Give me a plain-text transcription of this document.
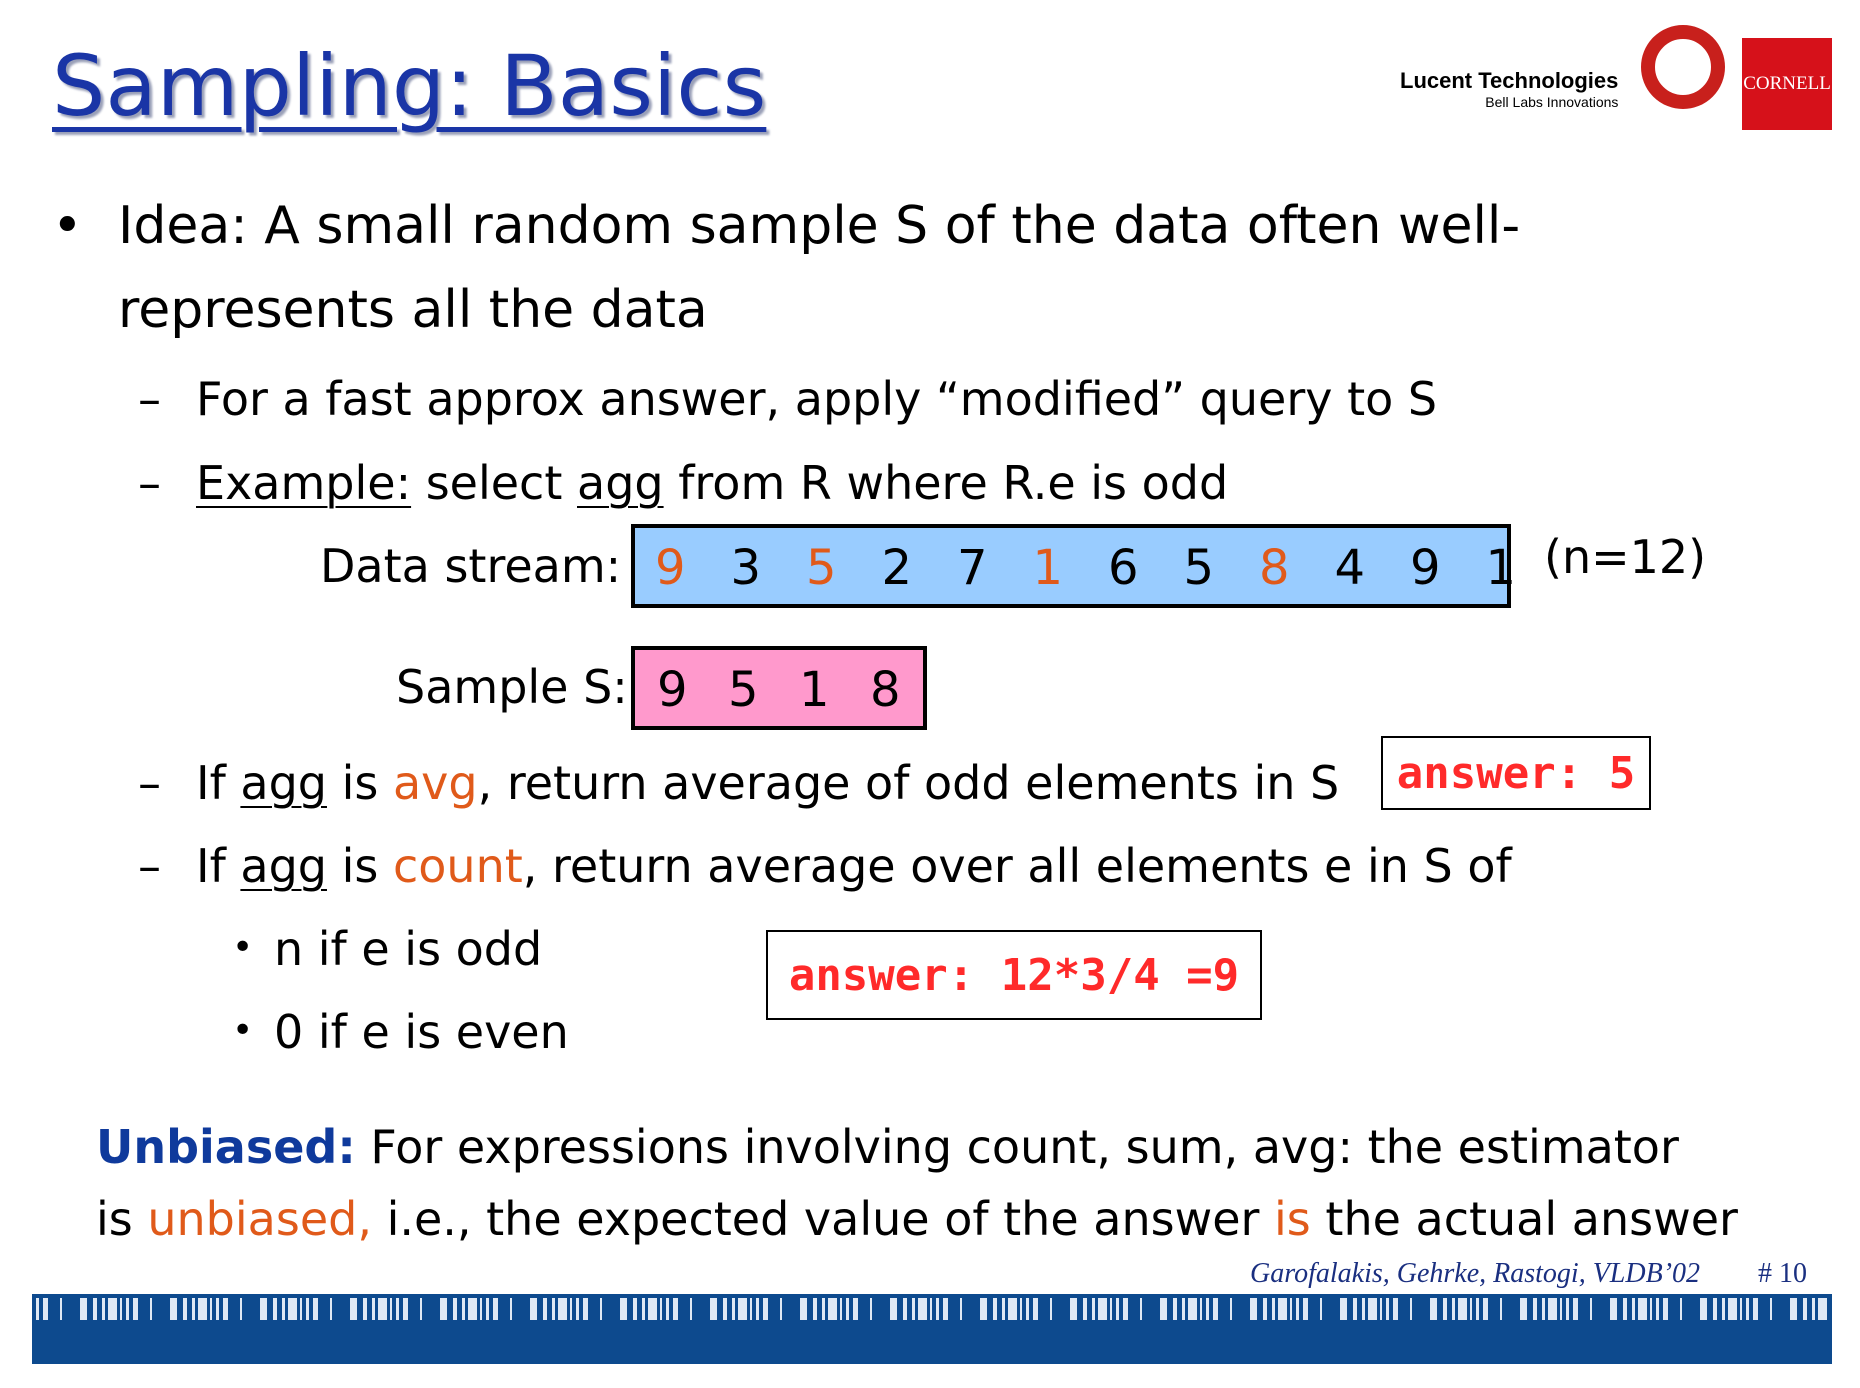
Sampling: Basics	Lucent Technologies
Bell Labs Innovations
CORNELL
• Idea: A small random sample S of the data often well-
represents all the data
– For a fast approx answer, apply “modified” query to S
– Example: select agg from R where R.e is odd
Data stream: 9 3 5 2 7 1 6 5 8 4 9 1 (n=12)
Sample S: 9 5 1 8
– If agg is avg, return average of odd elements in S	answer: 5
– If agg is count, return average over all elements e in S of
• n if e is odd
• 0 if e is even
answer: 12*3/4 =9
Unbiased: For expressions involving count, sum, avg: the estimator
is unbiased, i.e., the expected value of the answer is the actual answer
Garofalakis, Gehrke, Rastogi, VLDB’02 # 10
